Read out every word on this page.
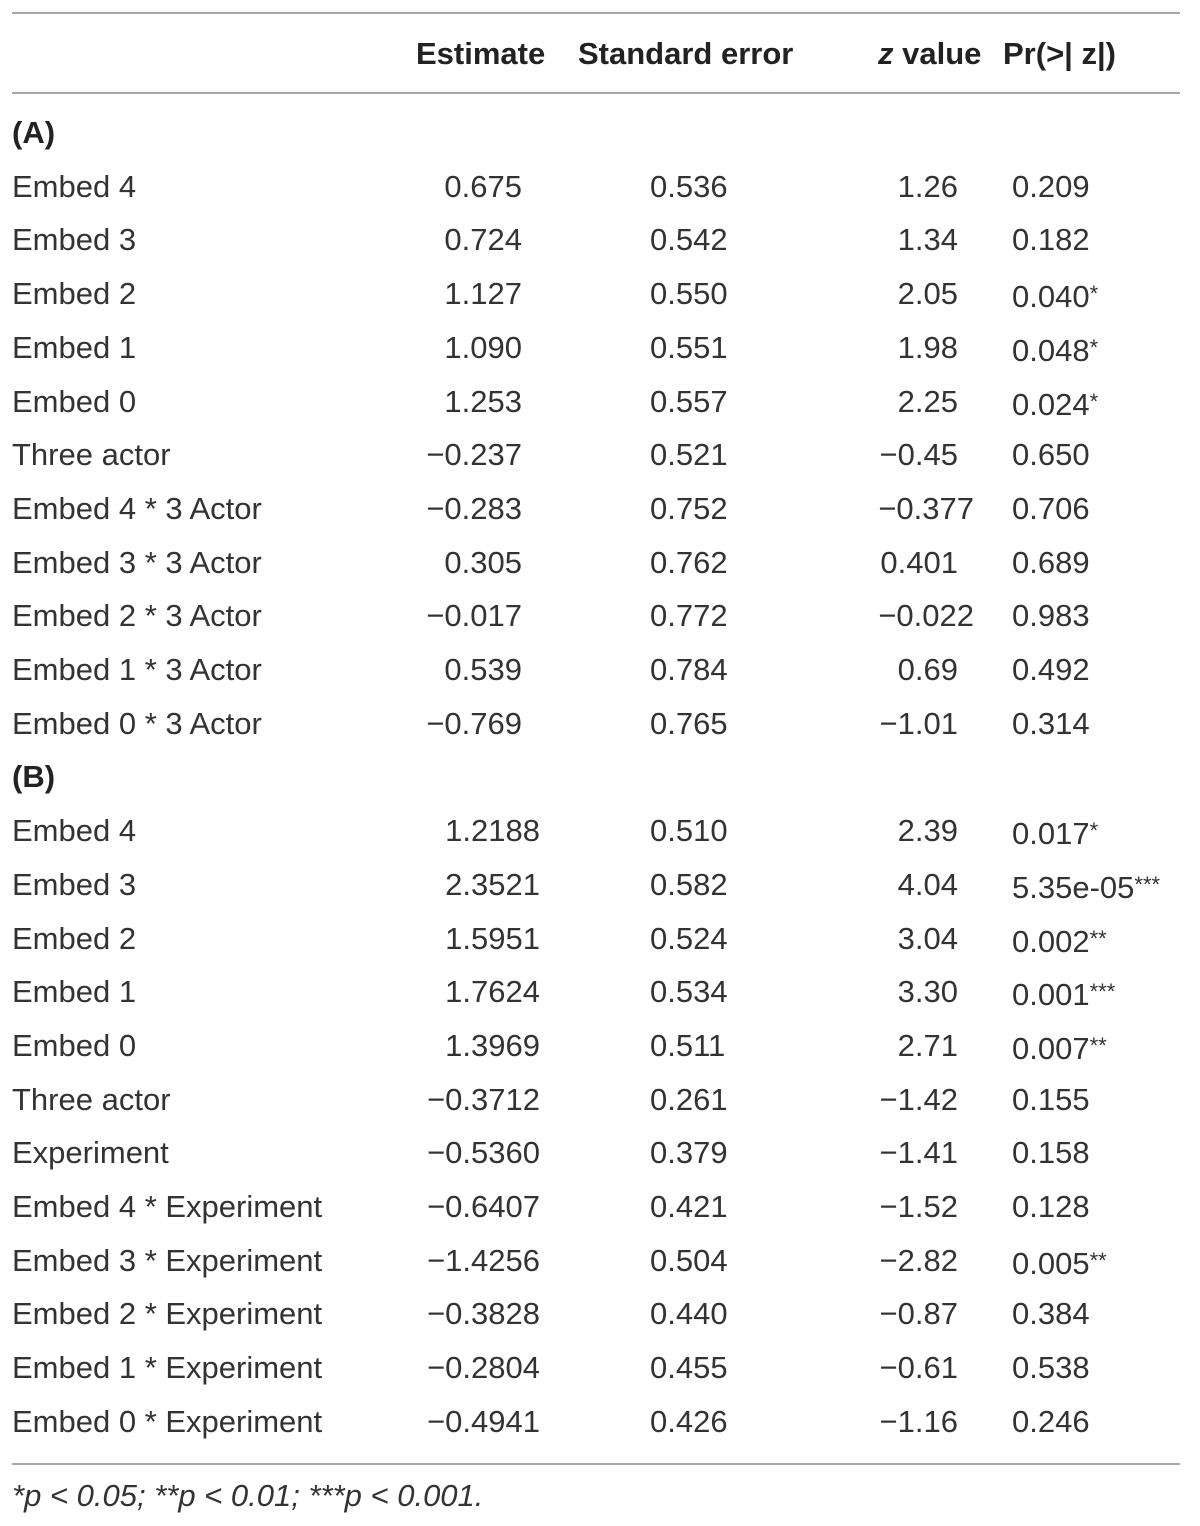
Estimate Standard error	z value Pr(>| z|)
(A)
Embed 4	0.675	0.536	1.26 0.209
Embed 3	0.724	0.542	1.34 0.182
Embed 2	1.127	0.550	2.05 0.040*
Embed 1	1.090	0.551	1.98 0.048*
Embed 0	1.253	0.557	2.25 0.024*
Three actor	−0.237	0.521	−0.45 0.650
Embed 4 * 3 Actor	−0.283	0.752	−0.377 0.706
Embed 3 * 3 Actor	0.305	0.762	0.401 0.689
Embed 2 * 3 Actor	−0.017	0.772	−0.022 0.983
Embed 1 * 3 Actor	0.539	0.784	0.69 0.492
Embed 0 * 3 Actor	−0.769	0.765	−1.01 0.314
(B)
Embed 4	1.2188	0.510	2.39 0.017*
Embed 3	2.3521	0.582	4.04 5.35e-05***
Embed 2	1.5951	0.524	3.04 0.002**
Embed 1	1.7624	0.534	3.30 0.001***
Embed 0	1.3969	0.511	2.71 0.007**
Three actor	−0.3712	0.261	−1.42 0.155
Experiment	−0.5360	0.379	−1.41 0.158
Embed 4 * Experiment	−0.6407	0.421	−1.52 0.128
Embed 3 * Experiment	−1.4256	0.504	−2.82 0.005**
Embed 2 * Experiment	−0.3828	0.440	−0.87 0.384
Embed 1 * Experiment	−0.2804	0.455	−0.61 0.538
Embed 0 * Experiment	−0.4941	0.426	−1.16 0.246
*p < 0.05; **p < 0.01; ***p < 0.001.
